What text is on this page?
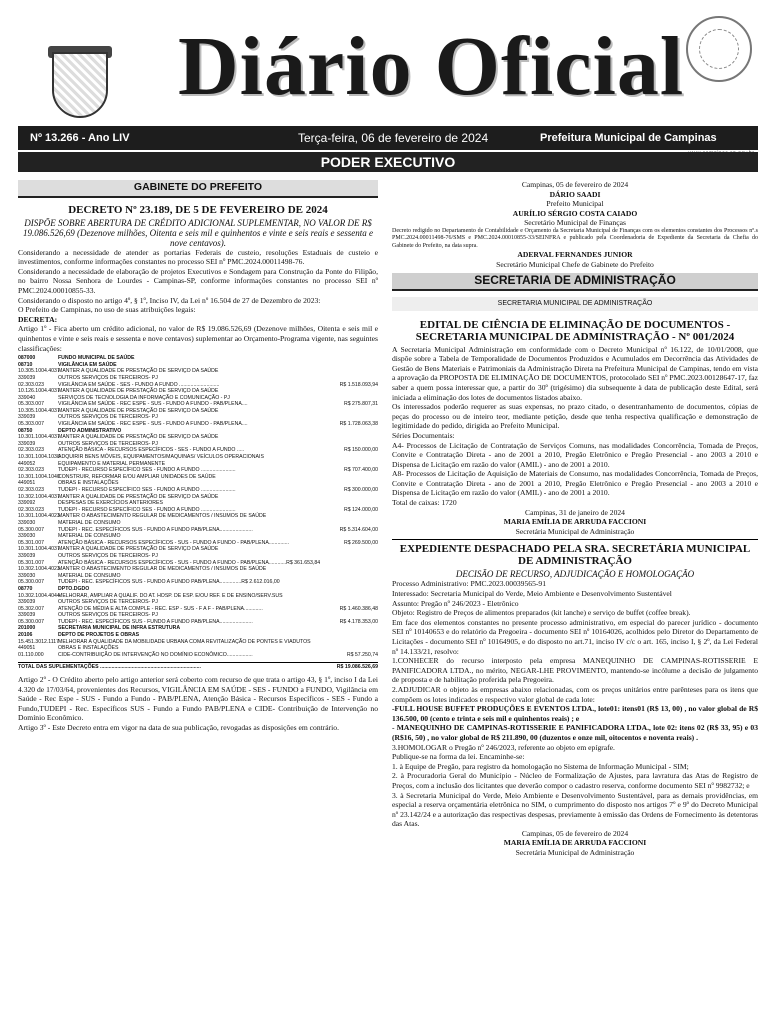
Diário Oficial
Nº 13.266 - Ano LIV	Terça-feira, 06 de fevereiro de 2024	Prefeitura Municipal de Campinas
PODER EXECUTIVO
GABINETE DO PREFEITO
DECRETO Nº 23.189, DE 5 DE FEVEREIRO DE 2024
DISPÕE SOBRE ABERTURA DE CRÉDITO ADICIONAL SUPLEMENTAR, NO VALOR DE R$ 19.086.526,69 (Dezenove milhões, Oitenta e seis mil e quinhentos e vinte e seis reais e sessenta e nove centavos).
Considerando a necessidade de atender as portarias Federais de custeio, resoluções Estaduais de custeio e investimentos, conforme informações constantes no processo SEI nº PMC.2024.00011498-76.
Considerando a necessidade de elaboração de projetos Executivos e Sondagem para Construção da Ponte do Filipão, no bairro Nossa Senhora de Lourdes - Campinas-SP, conforme informações constantes no processo SEI nº PMC.2024.00010855-33.
Considerando o disposto no artigo 4º, § 1º, Inciso IV, da Lei nº 16.504 de 27 de Dezembro de 2023:
O Prefeito de Campinas, no uso de suas atribuições legais:
DECRETA:
Artigo 1º - Fica aberto um crédito adicional, no valor de R$ 19.086.526,69 (Dezenove milhões, Oitenta e seis mil e quinhentos e vinte e seis reais e sessenta e nove centavos) suplementar ao Orçamento-Programa vigente, nas seguintes classificações:
087000	FUNDO MUNICIPAL DE SAÚDE
08710	VIGILÂNCIA EM SAÚDE
10.305.1004.4037
MANTER A QUALIDADE DE PRESTAÇÃO DE SERVIÇO DA SAÚDE
339039	OUTROS SERVIÇOS DE TERCEIROS- PJ
02.303.023	VIGILÂNCIA EM SAÚDE - SES - FUNDO A FUNDO ............................	R$ 1.518.093,94
10.126.1004.4037
MANTER A QUALIDADE DE PRESTAÇÃO DE SERVIÇO DA SAÚDE
339040	SERVIÇOS DE TECNOLOGIA DA INFORMAÇÃO E COMUNICAÇÃO - PJ
05.303.007	VIGILÂNCIA EM SAÚDE - REC ESPE - SUS - FUNDO A FUNDO - PAB/PLENA....	R$ 275.807,31
10.305.1004.4037
MANTER A QUALIDADE DE PRESTAÇÃO DE SERVIÇO DA SAÚDE
339039	OUTROS SERVIÇOS DE TERCEIROS- PJ
05.303.007	VIGILÂNCIA EM SAÚDE - REC ESPE - SUS - FUNDO A FUNDO - PAB/PLENA....	R$ 1.728.063,38
08750	DEPTO ADMINISTRATIVO
10.301.1004.4037
MANTER A QUALIDADE DE PRESTAÇÃO DE SERVIÇO DA SAÚDE
339039	OUTROS SERVIÇOS DE TERCEIROS- PJ
02.303.023	ATENÇÃO BÁSICA - RECURSOS ESPECÍFICOS - SES - FUNDO A FUNDO .....	R$ 150.000,00
10.301.1004.1038
ADQUIRIR BENS MÓVEIS, EQUIPAMENTOS/MAQUINAS/ VEÍCULOS OPERACIONAIS
449052	EQUIPAMENTO E MATERIAL PERMANENTE
02.303.023	TUDEPI - RECURSO ESPECÍFICO SES - FUNDO A FUNDO ........................	R$ 707.400,00
10.301.1004.1040
CONSTRUIR, REFORMAR E/OU AMPLIAR UNIDADES DE SAÚDE
449051	OBRAS E INSTALAÇÕES
02.303.023	TUDEPI - RECURSO ESPECÍFICO SES - FUNDO A FUNDO ........................	R$ 300.000,00
10.302.1004.4037
MANTER A QUALIDADE DE PRESTAÇÃO DE SERVIÇO DA SAÚDE
339092	DESPESAS DE EXERCÍCIOS ANTERIORES
02.303.023	TUDEPI - RECURSO ESPECÍFICO SES - FUNDO A FUNDO ........................	R$ 124.000,00
10.301.1004.4023
MANTER O ABASTECIMENTO REGULAR DE MEDICAMENTOS / INSUMOS DE SAÚDE
339030	MATERIAL DE CONSUMO
05.300.007	TUDEPI - REC. ESPECÍFICOS SUS - FUNDO A FUNDO PAB/PLENA.......................	R$ 5.314.604,00
339030	MATERIAL DE CONSUMO
05.301.007	ATENÇÃO BÁSICA - RECURSOS ESPECÍFICOS - SUS - FUNDO A FUNDO - PAB/PLENA..............	R$ 269.500,00
10.301.1004.4037
MANTER A QUALIDADE DE PRESTAÇÃO DE SERVIÇO DA SAÚDE
339039	OUTROS SERVIÇOS DE TERCEIROS- PJ
05.301.007	ATENÇÃO BÁSICA - RECURSOS ESPECÍFICOS - SUS - FUNDO A FUNDO - PAB/PLENA............R$ 361.653,84
10.302.1004.4023
MANTER O ABASTECIMENTO REGULAR DE MEDICAMENTOS / INSUMOS DE SAÚDE
339030	MATERIAL DE CONSUMO
05.300.007	TUDEPI - REC. ESPECÍFICOS SUS - FUNDO A FUNDO PAB/PLENA...............R$ 2.612.016,00
08770	DPTO.DGDO
10.302.1004.4044
MELHORAR, AMPLIAR A QUALIF. DO AT. HOSP. DE ESP. E/OU REF. E DE ENSINO/SERV.SUS
339039	OUTROS SERVIÇOS DE TERCEIROS- PJ
05.302.007	ATENÇÃO DE MÉDIA E ALTA COMPLE - REC. ESP - SUS - F A F - PAB/PLENA.............	R$ 1.460.386,48
339039	OUTROS SERVIÇOS DE TERCEIROS- PJ
05.300.007	TUDEPI - REC. ESPECÍFICOS SUS - FUNDO A FUNDO PAB/PLENA.......................	R$ 4.178.353,00
201000	SECRETARIA MUNICIPAL DE INFRA ESTRUTURA
20106	DEPTO DE PROJETOS E OBRAS
15.451.3012.1117
MELHORAR A QUALIDADE DA MOBILIDADE URBANA COMA REVITALIZAÇÃO DE PONTES E VIADUTOS
449051	OBRAS E INSTALAÇÕES
01.110.000	CIDE-CONTRIBUIÇÃO DE INTERVENÇÃO NO DOMÍNIO ECONÔMICO..................	R$ 57.250,74
TOTAL DAS SUPLEMENTAÇÕES ......................................................................	R$ 19.086.526,69
Artigo 2º - O Crédito aberto pelo artigo anterior será coberto com recurso de que trata o artigo 43, § 1º, inciso I da Lei 4.320 de 17/03/64, provenientes dos Recursos, VIGILÂNCIA EM SAÚDE - SES - FUNDO a FUNDO, Vigilância em Saúde - Rec Espe - SUS - Fundo a Fundo - PAB/PLENA, Atenção Básica - Recursos Específicos - SES - Fundo a Fundo,TUDEPI - Rec. Específicos SUS - Fundo a Fundo PAB/PLENA e CIDE- Contribuição de Intervenção no Domínio Econômico.
Artigo 3º - Este Decreto entra em vigor na data de sua publicação, revogadas as disposições em contrário.
Campinas, 05 de fevereiro de 2024
DÁRIO SAADI
Prefeito Municipal
AURÍLIO SÉRGIO COSTA CAIADO
Secretário Municipal de Finanças
Decreto redigido no Departamento de Contabilidade e Orçamento da Secretaria Municipal de Finanças com os elementos constantes dos Processos nº.s PMC.2024.00011498-76/SMS e PMC.2024.00010855-33/SEINFRA e publicado pela Coordenadoria de Expediente da Secretaria da Chefia do Gabinete do Prefeito, na data supra.
ADERVAL FERNANDES JUNIOR
Secretário Municipal Chefe de Gabinete do Prefeito
SECRETARIA DE ADMINISTRAÇÃO
SECRETARIA MUNICIPAL DE ADMINISTRAÇÃO
EDITAL DE CIÊNCIA DE ELIMINAÇÃO DE DOCUMENTOS - SECRETARIA MUNICIPAL DE ADMINISTRAÇÃO - Nº 001/2024
A Secretaria Municipal Administração em conformidade com o Decreto Municipal nº 16.122, de 10/01/2008, que dispõe sobre a Tabela de Temporalidade de Documentos Produzidos e Acumulados em Decorrência das Atividades de Gestão de Bens Materiais e Patrimoniais da Administração Direta na Prefeitura Municipal de Campinas, tendo em vista a aprovação da PROPOSTA DE ELIMINAÇÃO DE DOCUMENTOS, protocolado SEI nº PMC.2023.00128647-17, faz saber a quem possa interessar que, a partir do 30º (trigésimo) dia subsequente à data de publicação deste Edital, será iniciada a eliminação dos lotes de documentos listados abaixo.
Os interessados poderão requerer as suas expensas, no prazo citado, o desentranhamento de documentos, cópias de peças do processo ou de inteiro teor, mediante petição, desde que tenha respectiva qualificação e demonstração de legitimidade do pedido, dirigida ao Prefeito Municipal.
Séries Documentais:
A4- Processos de Licitação de Contratação de Serviços Comuns, nas modalidades Concorrência, Tomada de Preços, Convite e Contratação Direta - ano de 2001 a 2010, Pregão Eletrônico e Pregão Presencial - ano 2003 a 2010 e Dispensa de Licitação em razão do valor (AMIL) - ano de 2001 a 2010.
A8- Processos de Licitação de Aquisição de Materiais de Consumo, nas modalidades Concorrência, Tomada de Preços, Convite e Contratação Direta - ano de 2001 a 2010, Pregão Eletrônico e Pregão Presencial - ano 2003 a 2010 e Dispensa de Licitação em razão do valor (AMIL) - ano de 2001 a 2010.
Total de caixas: 1720
Campinas, 31 de janeiro de 2024
MARIA EMÍLIA DE ARRUDA FACCIONI
Secretária Municipal de Administração
EXPEDIENTE DESPACHADO PELA SRA. SECRETÁRIA MUNICIPAL DE ADMINISTRAÇÃO
DECISÃO DE RECURSO, ADJUDICAÇÃO E HOMOLOGAÇÃO
Processo Administrativo: PMC.2023.00039565-91
Interessado: Secretaria Municipal do Verde, Meio Ambiente e Desenvolvimento Sustentável
Assunto: Pregão nº 246/2023 - Eletrônico
Objeto: Registro de Preços de alimentos preparados (kit lanche) e serviço de buffet (coffee break).
Em face dos elementos constantes no presente processo administrativo, em especial do parecer jurídico - documento SEI nº 10140653 e do relatório da Pregoeira - documento SEI nº 10164026, acolhidos pelo Diretor do Departamento de Licitações - documento SEI nº 10164905, e do disposto no art.71, inciso IV c/c o art. 165, inciso I, § 2º, da Lei Federal nº 14.133/21, resolvo:
1.CONHECER do recurso interposto pela empresa MANEQUINHO DE CAMPINAS-ROTISSERIE E PANIFICADORA LTDA., no mérito, NEGAR-LHE PROVIMENTO, mantendo-se incólume a decisão de julgamento de proposta e de habilitação proferida pela Pregoeira.
2.ADJUDICAR o objeto às empresas abaixo relacionadas, com os preços unitários entre parênteses para os itens que compõem os lotes indicados e respectivo valor global de cada lote:
-FULL HOUSE BUFFET PRODUÇÕES E EVENTOS LTDA., lote01: itens01 (R$ 13, 00) , no valor global de R$ 136.500, 00 (cento e trinta e seis mil e quinhentos reais) ; e
- MANEQUINHO DE CAMPINAS-ROTISSERIE E PANIFICADORA LTDA., lote 02: itens 02 (R$ 33, 95) e 03 (R$16, 50) , no valor global de R$ 211.890, 00 (duzentos e onze mil, oitocentos e noventa reais) .
3.HOMOLOGAR o Pregão nº 246/2023, referente ao objeto em epígrafe.
Publique-se na forma da lei. Encaminhe-se:
1. à Equipe de Pregão, para registro da homologação no Sistema de Informação Municipal - SIM;
2. à Procuradoria Geral do Município - Núcleo de Formalização de Ajustes, para lavratura das Atas de Registro de Preços, com a inclusão dos licitantes que deverão compor o cadastro reserva, conforme documento SEI nº 9982732; e
3. à Secretaria Municipal do Verde, Meio Ambiente e Desenvolvimento Sustentável, para as demais providências, em especial a reserva orçamentária eletrônica no SIM, o cumprimento do disposto nos artigos 7º e 9º do Decreto Municipal nº 23.142/24 e a autorização das respectivas despesas, previamente à emissão das Ordens de Fornecimento às detentoras das Atas.
Campinas, 05 de fevereiro de 2024
MARIA EMÍLIA DE ARRUDA FACCIONI
Secretária Municipal de Administração
